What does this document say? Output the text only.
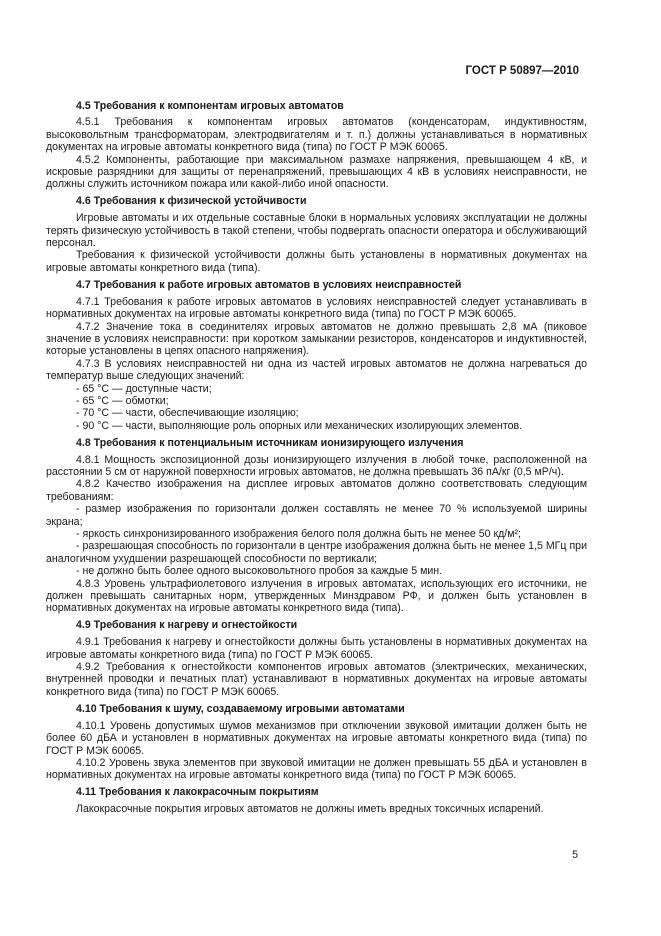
ГОСТ Р 50897—2010

4.5 Требования к компонентам игровых автоматов

4.5.1 Требования к компонентам игровых автоматов (конденсаторам, индуктивностям, высоковольтным трансформаторам, электродвигателям и т. п.) должны устанавливаться в нормативных документах на игровые автоматы конкретного вида (типа) по ГОСТ Р МЭК 60065.

4.5.2 Компоненты, работающие при максимальном размахе напряжения, превышающем 4 кВ, и искровые разрядники для защиты от перенапряжений, превышающих 4 кВ в условиях неисправности, не должны служить источником пожара или какой-либо иной опасности.

4.6 Требования к физической устойчивости

Игровые автоматы и их отдельные составные блоки в нормальных условиях эксплуатации не должны терять физическую устойчивость в такой степени, чтобы подвергать опасности оператора и обслуживающий персонал.

Требования к физической устойчивости должны быть установлены в нормативных документах на игровые автоматы конкретного вида (типа).

4.7 Требования к работе игровых автоматов в условиях неисправностей

4.7.1 Требования к работе игровых автоматов в условиях неисправностей следует устанавливать в нормативных документах на игровые автоматы конкретного вида (типа) по ГОСТ Р МЭК 60065.

4.7.2 Значение тока в соединителях игровых автоматов не должно превышать 2,8 мА (пиковое значение в условиях неисправности: при коротком замыкании резисторов, конденсаторов и индуктивностей, которые установлены в цепях опасного напряжения).

4.7.3 В условиях неисправностей ни одна из частей игровых автоматов не должна нагреваться до температур выше следующих значений:

- 65 °С — доступные части;

- 65 °С — обмотки;

- 70 °С — части, обеспечивающие изоляцию;

- 90 °С — части, выполняющие роль опорных или механических изолирующих элементов.

4.8 Требования к потенциальным источникам ионизирующего излучения

4.8.1 Мощность экспозиционной дозы ионизирующего излучения в любой точке, расположенной на расстоянии 5 см от наружной поверхности игровых автоматов, не должна превышать 36 пА/кг (0,5 мР/ч).

4.8.2 Качество изображения на дисплее игровых автоматов должно соответствовать следующим требованиям:

- размер изображения по горизонтали должен составлять не менее 70 % используемой ширины экрана;

- яркость синхронизированного изображения белого поля должна быть не менее 50 кд/м²;

- разрешающая способность по горизонтали в центре изображения должна быть не менее 1,5 МГц при аналогичном ухудшении разрешающей способности по вертикали;

- не должно быть более одного высоковольтного пробоя за каждые 5 мин.

4.8.3 Уровень ультрафиолетового излучения в игровых автоматах, использующих его источники, не должен превышать санитарных норм, утвержденных Минздравом РФ, и должен быть установлен в нормативных документах на игровые автоматы конкретного вида (типа).

4.9 Требования к нагреву и огнестойкости

4.9.1 Требования к нагреву и огнестойкости должны быть установлены в нормативных документах на игровые автоматы конкретного вида (типа) по ГОСТ Р МЭК 60065.

4.9.2 Требования к огнестойкости компонентов игровых автоматов (электрических, механических, внутренней проводки и печатных плат) устанавливают в нормативных документах на игровые автоматы конкретного вида (типа) по ГОСТ Р МЭК 60065.

4.10 Требования к шуму, создаваемому игровыми автоматами

4.10.1 Уровень допустимых шумов механизмов при отключении звуковой имитации должен быть не более 60 дБА и установлен в нормативных документах на игровые автоматы конкретного вида (типа) по ГОСТ Р МЭК 60065.

4.10.2 Уровень звука элементов при звуковой имитации не должен превышать 55 дБА и установлен в нормативных документах на игровые автоматы конкретного вида (типа) по ГОСТ Р МЭК 60065.

4.11 Требования к лакокрасочным покрытиям

Лакокрасочные покрытия игровых автоматов не должны иметь вредных токсичных испарений.

5
